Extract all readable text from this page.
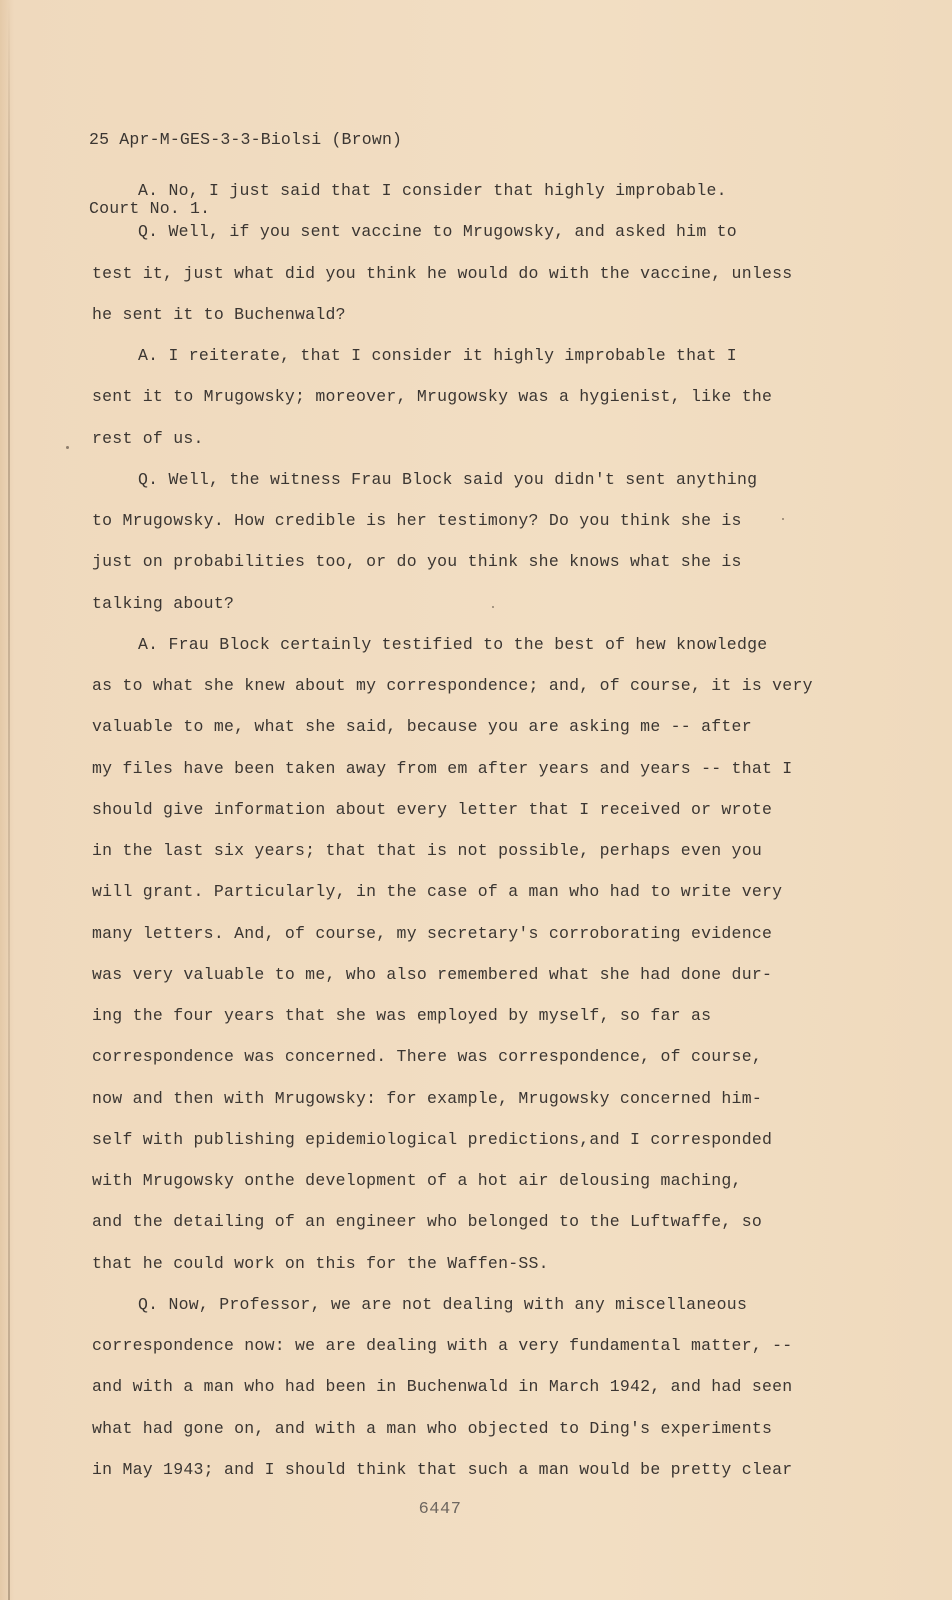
25 Apr-M-GES-3-3-Biolsi (Brown)

Court No. 1.

A. No, I just said that I consider that highly improbable.
Q. Well, if you sent vaccine to Mrugowsky, and asked him to
test it, just what did you think he would do with the vaccine, unless
he sent it to Buchenwald?
A. I reiterate, that I consider it highly improbable that I
sent it to Mrugowsky; moreover, Mrugowsky was a hygienist, like the
rest of us.
Q. Well, the witness Frau Block said you didn't sent anything
to Mrugowsky. How credible is her testimony? Do you think she is
just on probabilities too, or do you think she knows what she is
talking about?
A. Frau Block certainly testified to the best of hew knowledge
as to what she knew about my correspondence; and, of course, it is very
valuable to me, what she said, because you are asking me -- after
my files have been taken away from em after years and years -- that I
should give information about every letter that I received or wrote
in the last six years; that that is not possible, perhaps even you
will grant. Particularly, in the case of a man who had to write very
many letters. And, of course, my secretary's corroborating evidence
was very valuable to me, who also remembered what she had done dur-
ing the four years that she was employed by myself, so far as
correspondence was concerned. There was correspondence, of course,
now and then with Mrugowsky: for example, Mrugowsky concerned him-
self with publishing epidemiological predictions,and I corresponded
with Mrugowsky onthe development of a hot air delousing maching,
and the detailing of an engineer who belonged to the Luftwaffe, so
that he could work on this for the Waffen-SS.
Q. Now, Professor, we are not dealing with any miscellaneous
correspondence now: we are dealing with a very fundamental matter, --
and with a man who had been in Buchenwald in March 1942, and had seen
what had gone on, and with a man who objected to Ding's experiments
in May 1943; and I should think that such a man would be pretty clear
6447
